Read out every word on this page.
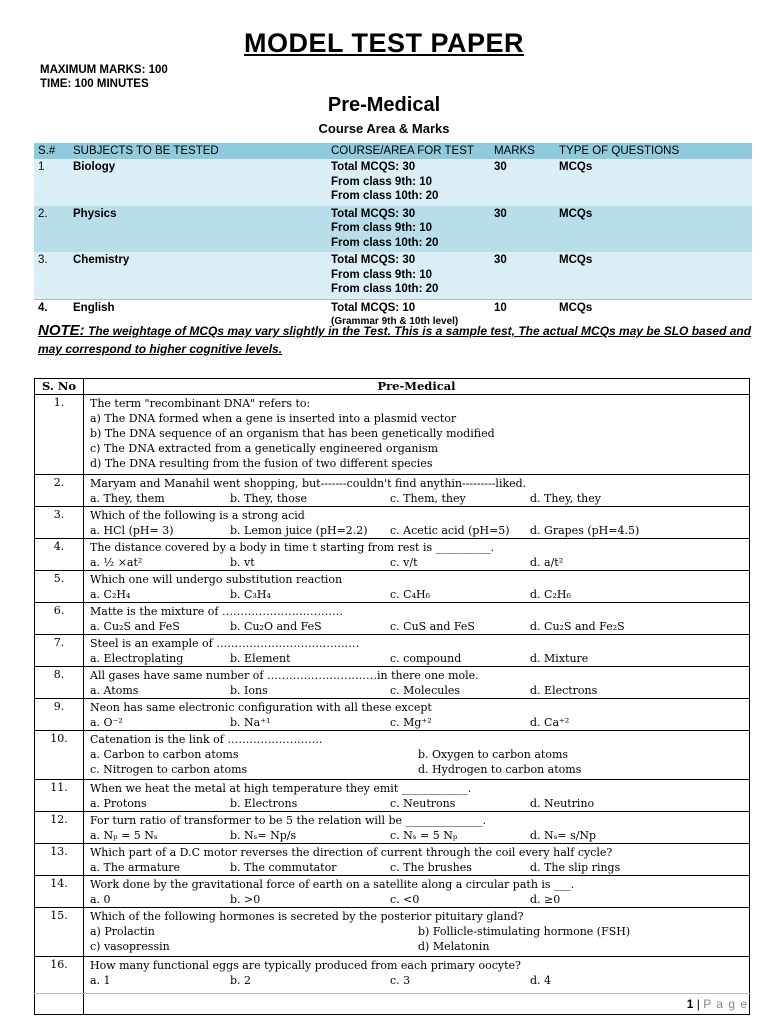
MODEL TEST PAPER
MAXIMUM MARKS: 100
TIME: 100 MINUTES
Pre-Medical
Course Area & Marks
S.#	SUBJECTS TO BE TESTED	COURSE/AREA FOR TEST	MARKS	TYPE OF QUESTIONS
1	Biology	Total MCQS: 30
From class 9th: 10
From class 10th: 20	30	MCQs
2.	Physics	Total MCQS: 30
From class 9th: 10
From class 10th: 20	30	MCQs
3.	Chemistry	Total MCQS: 30
From class 9th: 10
From class 10th: 20	30	MCQs
4.	English	Total MCQS: 10
(Grammar 9th & 10th level)	10	MCQs
NOTE: The weightage of MCQs may vary slightly in the Test. This is a sample test, The actual MCQs may be SLO based and may correspond to higher cognitive levels.
S. No	Pre-Medical
1.	The term "recombinant DNA" refers to:
a) The DNA formed when a gene is inserted into a plasmid vector
b) The DNA sequence of an organism that has been genetically modified
c) The DNA extracted from a genetically engineered organism
d) The DNA resulting from the fusion of two different species

2.	Maryam and Manahil went shopping, but-------couldn't find anythin---------liked.
a. They, them b. They, those c. Them, they d. They, they

3.	Which of the following is a strong acid
a. HCl (pH= 3) b. Lemon juice (pH=2.2) c. Acetic acid (pH=5) d. Grapes (pH=4.5)

4.	The distance covered by a body in time t starting from rest is __________.
a. ½ ×at² b. vt c. v/t d. a/t²

5.	Which one will undergo substitution reaction
a. C₂H₄ b. C₃H₄ c. C₄H₆ d. C₂H₆

6.	Matte is the mixture of ……………………………
a. Cu₂S and FeS b. Cu₂O and FeS c. CuS and FeS d. Cu₂S and Fe₂S

7.	Steel is an example of …………………………………
a. Electroplating b. Element c. compound d. Mixture

8.	All gases have same number of …………………………in there one mole.
a. Atoms b. Ions c. Molecules d. Electrons

9.	Neon has same electronic configuration with all these except
a. O⁻² b. Na⁺¹ c. Mg⁺² d. Ca⁺²

10.	Catenation is the link of ……………………..
a. Carbon to carbon atoms b. Oxygen to carbon atoms
c. Nitrogen to carbon atoms d. Hydrogen to carbon atoms

11.	When we heat the metal at high temperature they emit ____________.
a. Protons b. Electrons c. Neutrons d. Neutrino

12.	For turn ratio of transformer to be 5 the relation will be ______________.
a. Nₚ = 5 Nₛ b. Nₛ= Np/s c. Nₛ = 5 Nₚ d. Nₛ= s/Np

13.	Which part of a D.C motor reverses the direction of current through the coil every half cycle?
a. The armature b. The commutator c. The brushes d. The slip rings

14.	Work done by the gravitational force of earth on a satellite along a circular path is ___.
a. 0 b. >0 c. <0 d. ≥0

15.	Which of the following hormones is secreted by the posterior pituitary gland?
a) Prolactin b) Follicle-stimulating hormone (FSH)
c) vasopressin d) Melatonin

16.	How many functional eggs are typically produced from each primary oocyte?
a. 1 b. 2 c. 3 d. 4
1 | P a g e
